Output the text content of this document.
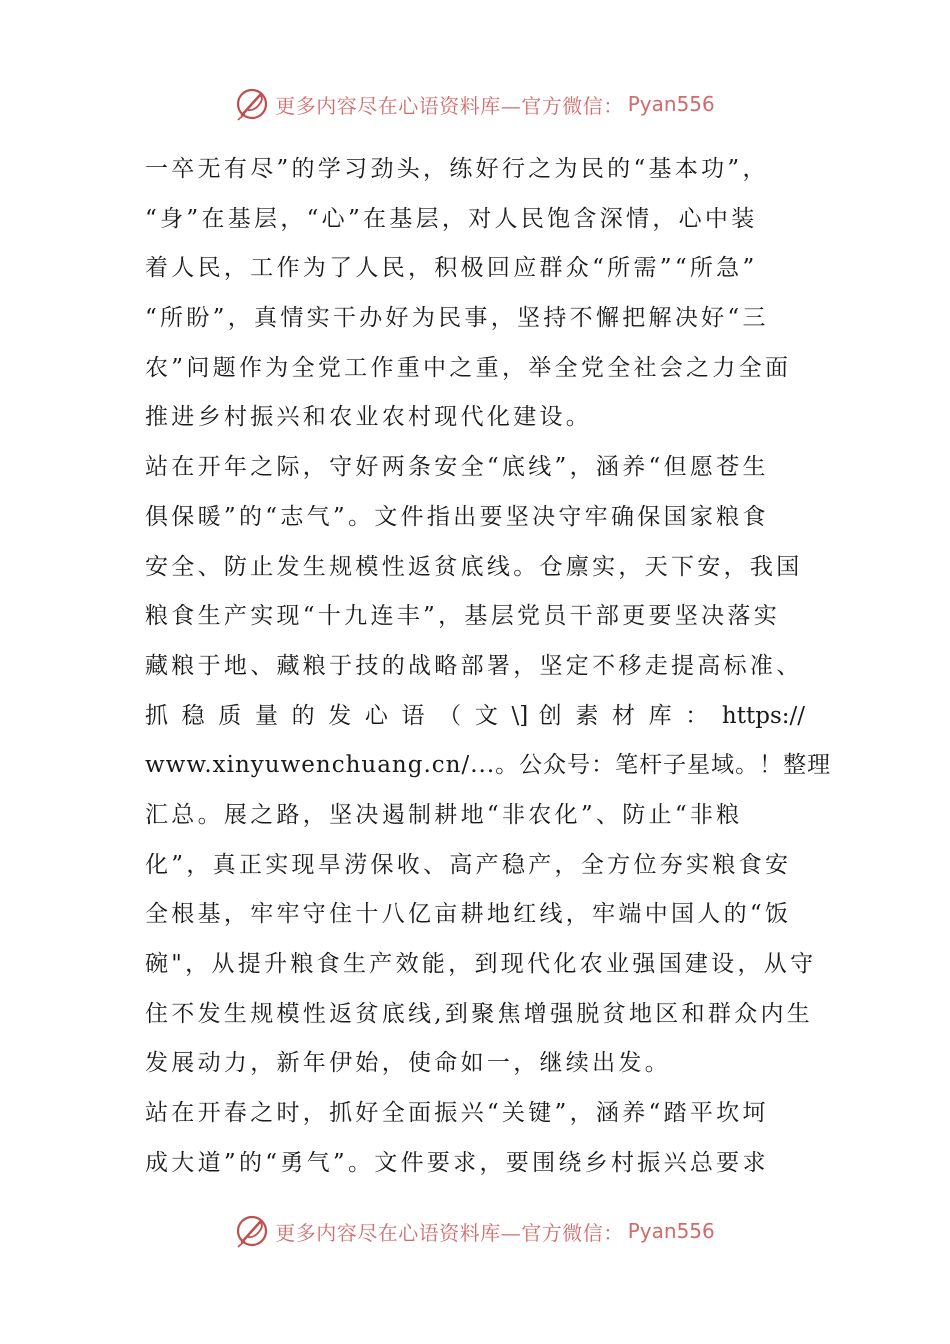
更多内容尽在心语资料库—官方微信： Pyan556
一卒无有尽”的学习劲头，练好行之为民的“基本功”，
“身”在基层，“心”在基层，对人民饱含深情，心中装
着人民，工作为了人民，积极回应群众“所需”“所急”
“所盼”，真情实干办好为民事，坚持不懈把解决好“三
农”问题作为全党工作重中之重，举全党全社会之力全面
推进乡村振兴和农业农村现代化建设。
站在开年之际，守好两条安全“底线”，涵养“但愿苍生
俱保暖”的“志气”。文件指出要坚决守牢确保国家粮食
安全、防止发生规模性返贫底线。仓廪实，天下安，我国
粮食生产实现“十九连丰”，基层党员干部更要坚决落实
藏粮于地、藏粮于技的战略部署，坚定不移走提高标准、
抓 稳 质 量 的 发 心 语 （ 文 \] 创 素 材 库 ： https://
www.xinyuwenchuang.cn/...。公众号：笔杆子星域。！整理
汇总。展之路，坚决遏制耕地“非农化”、防止“非粮
化”，真正实现旱涝保收、高产稳产，全方位夯实粮食安
全根基，牢牢守住十八亿亩耕地红线，牢端中国人的“饭
碗"，从提升粮食生产效能，到现代化农业强国建设，从守
住不发生规模性返贫底线,到聚焦增强脱贫地区和群众内生
发展动力，新年伊始，使命如一，继续出发。
站在开春之时，抓好全面振兴“关键”，涵养“踏平坎坷
成大道”的“勇气”。文件要求，要围绕乡村振兴总要求
更多内容尽在心语资料库—官方微信： Pyan556
